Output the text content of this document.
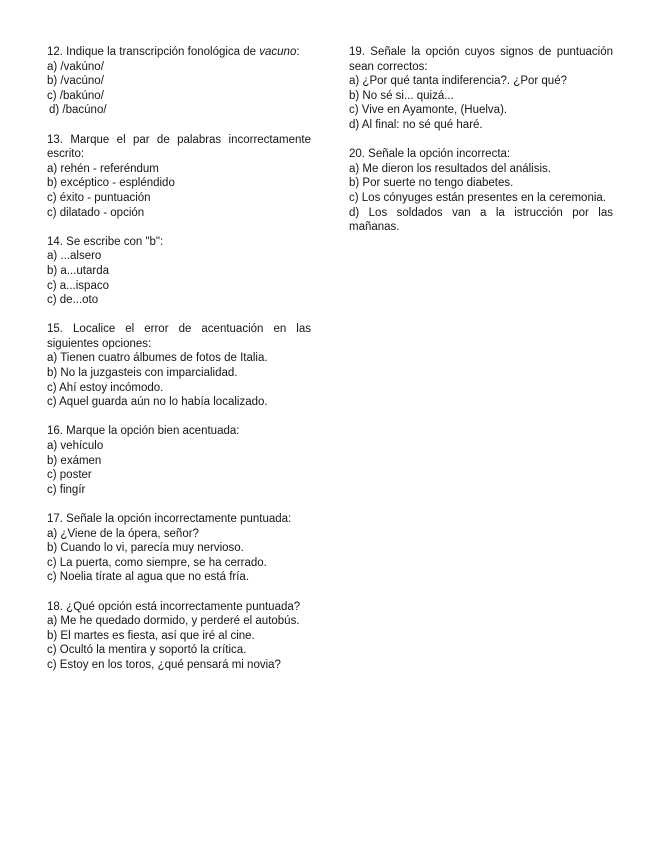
12. Indique la transcripción fonológica de vacuno:
a) /vakúno/
b) /vacúno/
c) /bakúno/
d) /bacúno/
13. Marque el par de palabras incorrectamente escrito:
a) rehén - referéndum
b) excéptico - espléndido
c) éxito - puntuación
c) dilatado - opción
14. Se escribe con "b":
a) ...alsero
b) a...utarda
c) a...ispaco
c) de...oto
15. Localice el error de acentuación en las siguientes opciones:
a) Tienen cuatro álbumes de fotos de Italia.
b) No la juzgasteis con imparcialidad.
c) Ahí estoy incómodo.
c) Aquel guarda aún no lo había localizado.
16. Marque la opción bien acentuada:
a) vehículo
b) exámen
c) poster
c) fingír
17. Señale la opción incorrectamente puntuada:
a) ¿Viene de la ópera, señor?
b) Cuando lo vi, parecía muy nervioso.
c) La puerta, como siempre, se ha cerrado.
c) Noelia tírate al agua que no está fría.
18. ¿Qué opción está incorrectamente puntuada?
a) Me he quedado dormido, y perderé el autobús.
b) El martes es fiesta, así que iré al cine.
c) Ocultó la mentira y soportó la crítica.
c) Estoy en los toros, ¿qué pensará mi novia?
19. Señale la opción cuyos signos de puntuación sean correctos:
a) ¿Por qué tanta indiferencia?. ¿Por qué?
b) No sé si... quizá...
c) Vive en Ayamonte, (Huelva).
d) Al final: no sé qué haré.
20. Señale la opción incorrecta:
a) Me dieron los resultados del análisis.
b) Por suerte no tengo diabetes.
c) Los cónyuges están presentes en la ceremonia.
d) Los soldados van a la istrucción por las mañanas.
